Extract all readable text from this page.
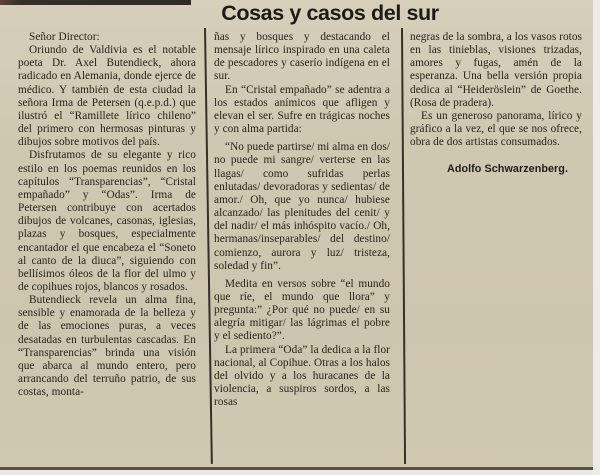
Cosas y casos del sur

Señor Director:

Oriundo de Valdivia es el notable poeta Dr. Axel Butendieck, ahora radicado en Alemania, donde ejerce de médico. Y también de esta ciudad la señora Irma de Petersen (q.e.p.d.) que ilustró el “Ramillete lírico chileno” del primero con hermosas pinturas y dibujos sobre motivos del país.

Disfrutamos de su elegante y rico estilo en los poemas reunidos en los capítulos “Transparencias”, “Cristal empañado” y “Odas”. Irma de Petersen contribuye con acertados dibujos de volcanes, casonas, iglesias, plazas y bosques, especialmente encantador el que encabeza el “Soneto al canto de la diuca”, siguiendo con bellísimos óleos de la flor del ulmo y de copihues rojos, blancos y rosados.

Butendieck revela un alma fina, sensible y enamorada de la belleza y de las emociones puras, a veces desatadas en turbulentas cascadas. En “Transparencias” brinda una visión que abarca al mundo entero, pero arrancando del terruño patrio, de sus costas, monta-

ñas y bosques y destacando el mensaje lírico inspirado en una caleta de pescadores y caserío indígena en el sur.

En “Cristal empañado” se adentra a los estados anímicos que afligen y elevan el ser. Sufre en trágicas noches y con alma partida:

“No puede partirse/ mi alma en dos/ no puede mi sangre/ verterse en las llagas/ como sufridas perlas enlutadas/ devoradoras y sedientas/ de amor./ Oh, que yo nunca/ hubiese alcanzado/ las plenitudes del cenit/ y del nadir/ el más inhóspito vacío./ Oh, hermanas/inseparables/ del destino/ comienzo, aurora y luz/ tristeza, soledad y fin”.

Medita en versos sobre “el mundo que ríe, el mundo que llora” y pregunta:” ¿Por qué no puede/ en su alegría mitigar/ las lágrimas el pobre y el sediento?”.

La primera “Oda” la dedica a la flor nacional, al Copihue. Otras a los halos del olvido y a los huracanes de la violencia, a suspiros sordos, a las rosas

negras de la sombra, a los vasos rotos en las tinieblas, visiones trizadas, amores y fugas, amén de la esperanza. Una bella versión propia dedica al “Heideröslein” de Goethe. (Rosa de pradera).

Es un generoso panorama, lírico y gráfico a la vez, el que se nos ofrece, obra de dos artistas consumados.

Adolfo Schwarzenberg.
